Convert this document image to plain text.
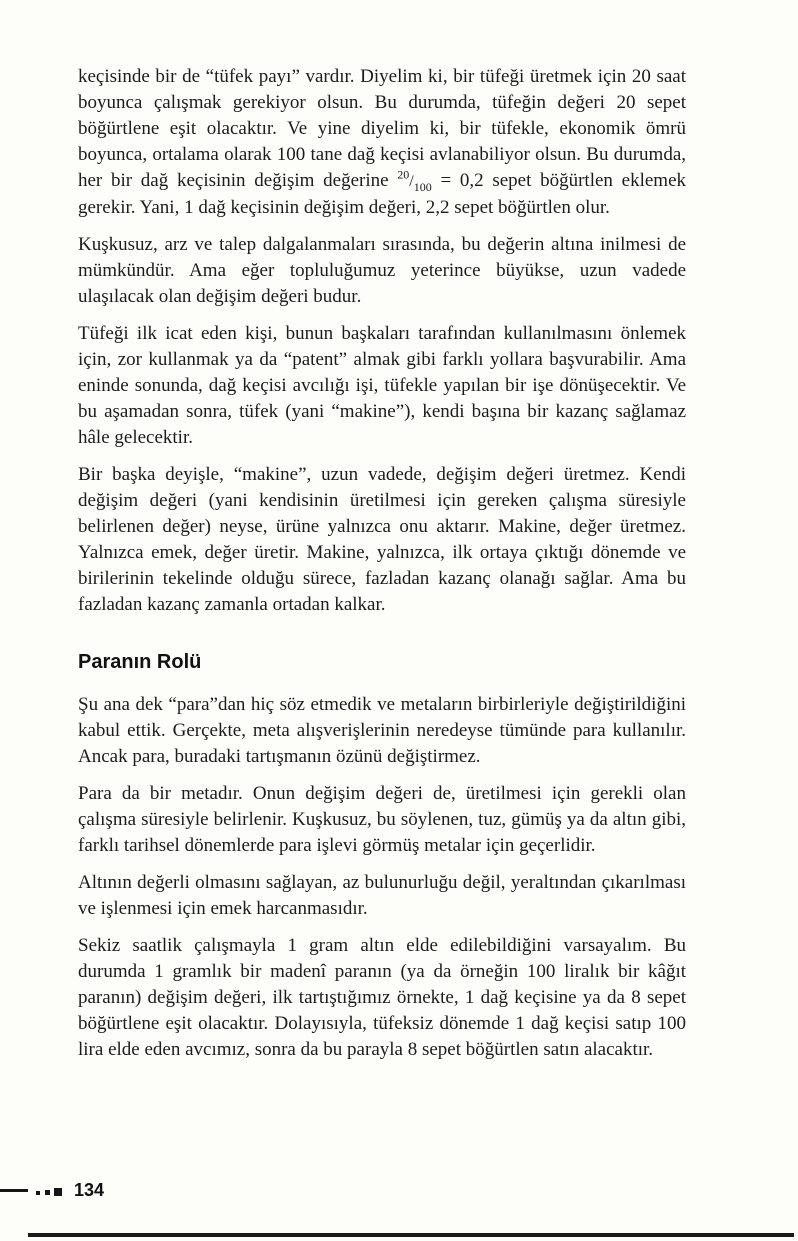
keçisinde bir de “tüfek payı” vardır. Diyelim ki, bir tüfeği üretmek için 20 saat boyunca çalışmak gerekiyor olsun. Bu durumda, tüfeğin değeri 20 sepet böğürtlene eşit olacaktır. Ve yine diyelim ki, bir tüfekle, ekonomik ömrü boyunca, ortalama olarak 100 tane dağ keçisi avlanabiliyor olsun. Bu durumda, her bir dağ keçisinin değişim değerine $^{20}/_{100} = 0,2$ sepet böğürtlen eklemek gerekir. Yani, 1 dağ keçisinin değişim değeri, 2,2 sepet böğürtlen olur.

Kuşkusuz, arz ve talep dalgalanmaları sırasında, bu değerin altına inilmesi de mümkündür. Ama eğer topluluğumuz yeterince büyükse, uzun vadede ulaşılacak olan değişim değeri budur.

Tüfeği ilk icat eden kişi, bunun başkaları tarafından kullanılmasını önlemek için, zor kullanmak ya da “patent” almak gibi farklı yollara başvurabilir. Ama eninde sonunda, dağ keçisi avcılığı işi, tüfekle yapılan bir işe dönüşecektir. Ve bu aşamadan sonra, tüfek (yani “makine”), kendi başına bir kazanç sağlamaz hâle gelecektir.

Bir başka deyişle, “makine”, uzun vadede, değişim değeri üretmez. Kendi değişim değeri (yani kendisinin üretilmesi için gereken çalışma süresiyle belirlenen değer) neyse, ürüne yalnızca onu aktarır. Makine, değer üretmez. Yalnızca emek, değer üretir. Makine, yalnızca, ilk ortaya çıktığı dönemde ve birilerinin tekelinde olduğu sürece, fazladan kazanç olanağı sağlar. Ama bu fazladan kazanç zamanla ortadan kalkar.

Paranın Rolü

Şu ana dek “para”dan hiç söz etmedik ve metaların birbirleriyle değiştirildiğini kabul ettik. Gerçekte, meta alışverişlerinin neredeyse tümünde para kullanılır. Ancak para, buradaki tartışmanın özünü değiştirmez.

Para da bir metadır. Onun değişim değeri de, üretilmesi için gerekli olan çalışma süresiyle belirlenir. Kuşkusuz, bu söylenen, tuz, gümüş ya da altın gibi, farklı tarihsel dönemlerde para işlevi görmüş metalar için geçerlidir.

Altının değerli olmasını sağlayan, az bulunurluğu değil, yeraltından çıkarılması ve işlenmesi için emek harcanmasıdır.

Sekiz saatlik çalışmayla 1 gram altın elde edilebildiğini varsayalım. Bu durumda 1 gramlık bir madenî paranın (ya da örneğin 100 liralık bir kâğıt paranın) değişim değeri, ilk tartıştığımız örnekte, 1 dağ keçisine ya da 8 sepet böğürtlene eşit olacaktır. Dolayısıyla, tüfeksiz dönemde 1 dağ keçisi satıp 100 lira elde eden avcımız, sonra da bu parayla 8 sepet böğürtlen satın alacaktır.

134
